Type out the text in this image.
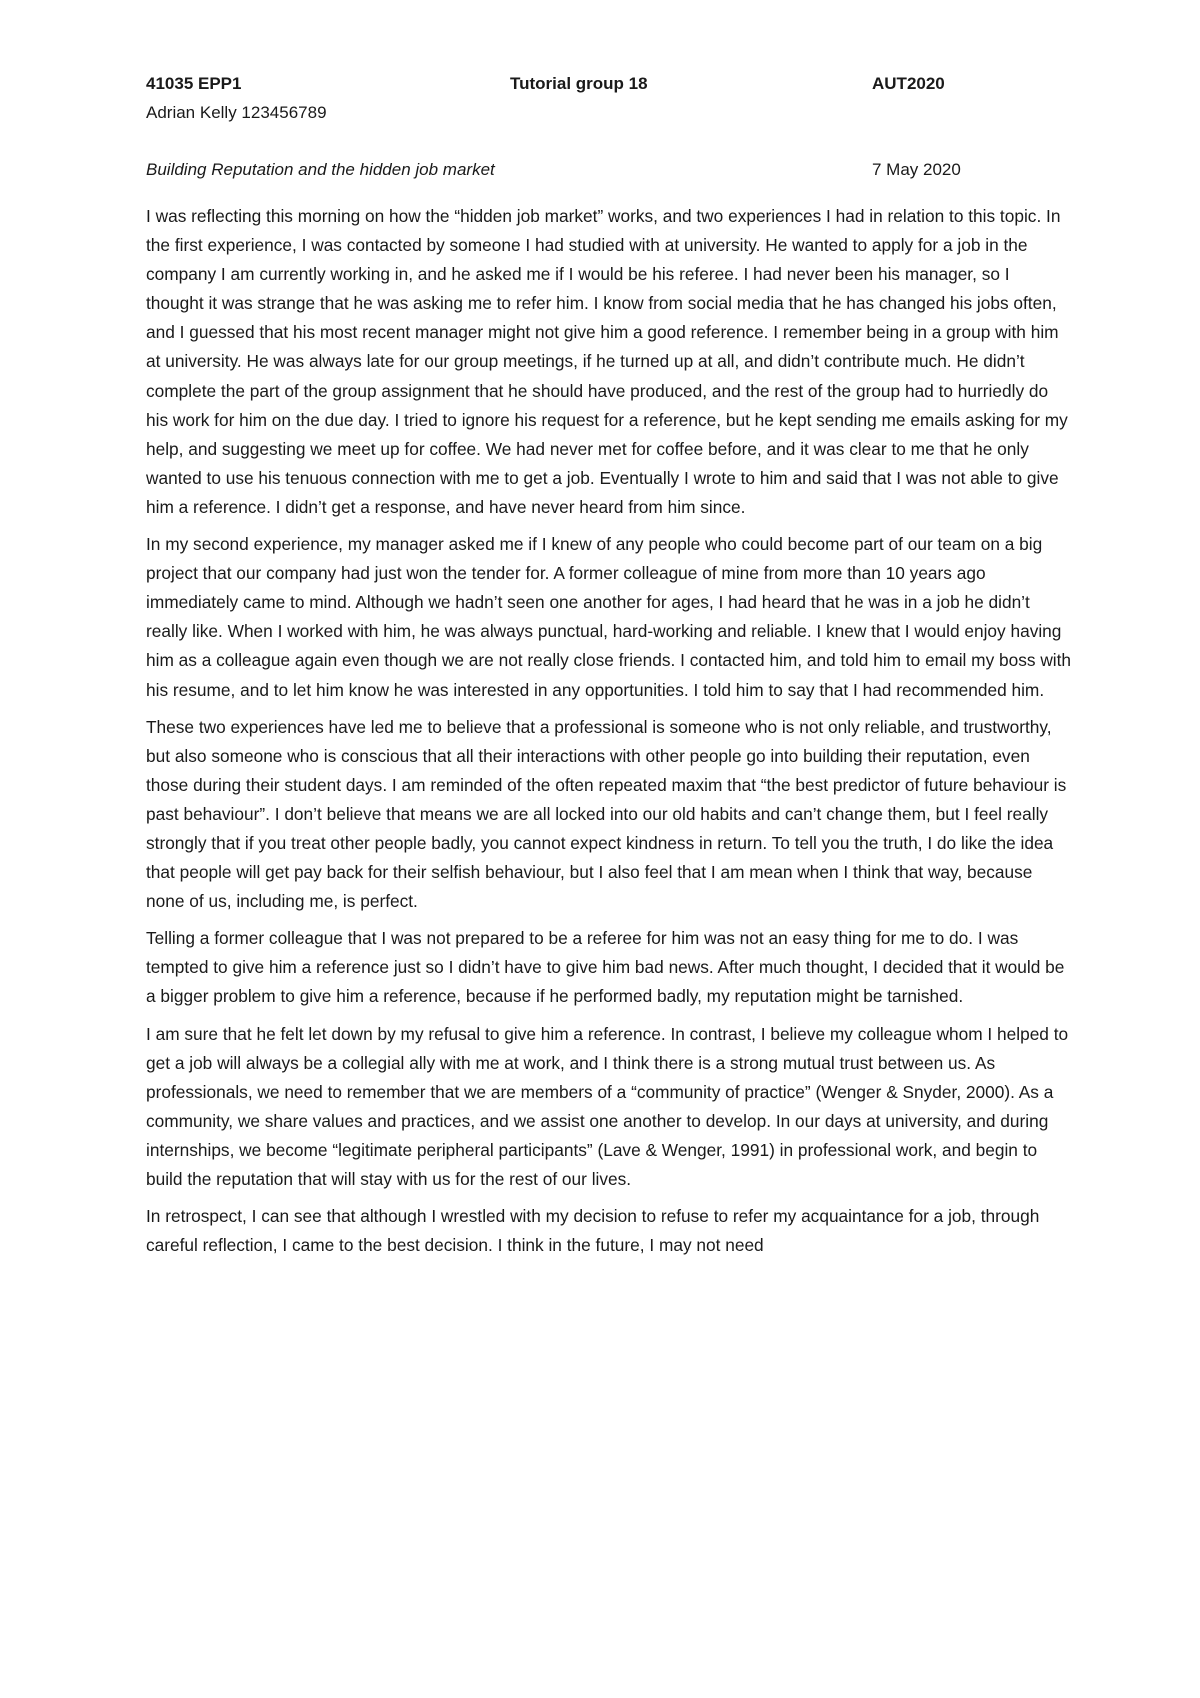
41035 EPP1	Tutorial group 18	AUT2020
Adrian Kelly 123456789
Building Reputation and the hidden job market	7 May 2020

I was reflecting this morning on how the “hidden job market” works, and two experiences I had in relation to this topic. In the first experience, I was contacted by someone I had studied with at university. He wanted to apply for a job in the company I am currently working in, and he asked me if I would be his referee. I had never been his manager, so I thought it was strange that he was asking me to refer him. I know from social media that he has changed his jobs often, and I guessed that his most recent manager might not give him a good reference. I remember being in a group with him at university. He was always late for our group meetings, if he turned up at all, and didn’t contribute much. He didn’t complete the part of the group assignment that he should have produced, and the rest of the group had to hurriedly do his work for him on the due day. I tried to ignore his request for a reference, but he kept sending me emails asking for my help, and suggesting we meet up for coffee. We had never met for coffee before, and it was clear to me that he only wanted to use his tenuous connection with me to get a job. Eventually I wrote to him and said that I was not able to give him a reference. I didn’t get a response, and have never heard from him since.

In my second experience, my manager asked me if I knew of any people who could become part of our team on a big project that our company had just won the tender for. A former colleague of mine from more than 10 years ago immediately came to mind. Although we hadn’t seen one another for ages, I had heard that he was in a job he didn’t really like. When I worked with him, he was always punctual, hard-working and reliable. I knew that I would enjoy having him as a colleague again even though we are not really close friends. I contacted him, and told him to email my boss with his resume, and to let him know he was interested in any opportunities. I told him to say that I had recommended him.

These two experiences have led me to believe that a professional is someone who is not only reliable, and trustworthy, but also someone who is conscious that all their interactions with other people go into building their reputation, even those during their student days. I am reminded of the often repeated maxim that “the best predictor of future behaviour is past behaviour”. I don’t believe that means we are all locked into our old habits and can’t change them, but I feel really strongly that if you treat other people badly, you cannot expect kindness in return. To tell you the truth, I do like the idea that people will get pay back for their selfish behaviour, but I also feel that I am mean when I think that way, because none of us, including me, is perfect.

Telling a former colleague that I was not prepared to be a referee for him was not an easy thing for me to do. I was tempted to give him a reference just so I didn’t have to give him bad news. After much thought, I decided that it would be a bigger problem to give him a reference, because if he performed badly, my reputation might be tarnished.

I am sure that he felt let down by my refusal to give him a reference. In contrast, I believe my colleague whom I helped to get a job will always be a collegial ally with me at work, and I think there is a strong mutual trust between us. As professionals, we need to remember that we are members of a “community of practice” (Wenger & Snyder, 2000). As a community, we share values and practices, and we assist one another to develop. In our days at university, and during internships, we become “legitimate peripheral participants” (Lave & Wenger, 1991) in professional work, and begin to build the reputation that will stay with us for the rest of our lives.

In retrospect, I can see that although I wrestled with my decision to refuse to refer my acquaintance for a job, through careful reflection, I came to the best decision. I think in the future, I may not need
